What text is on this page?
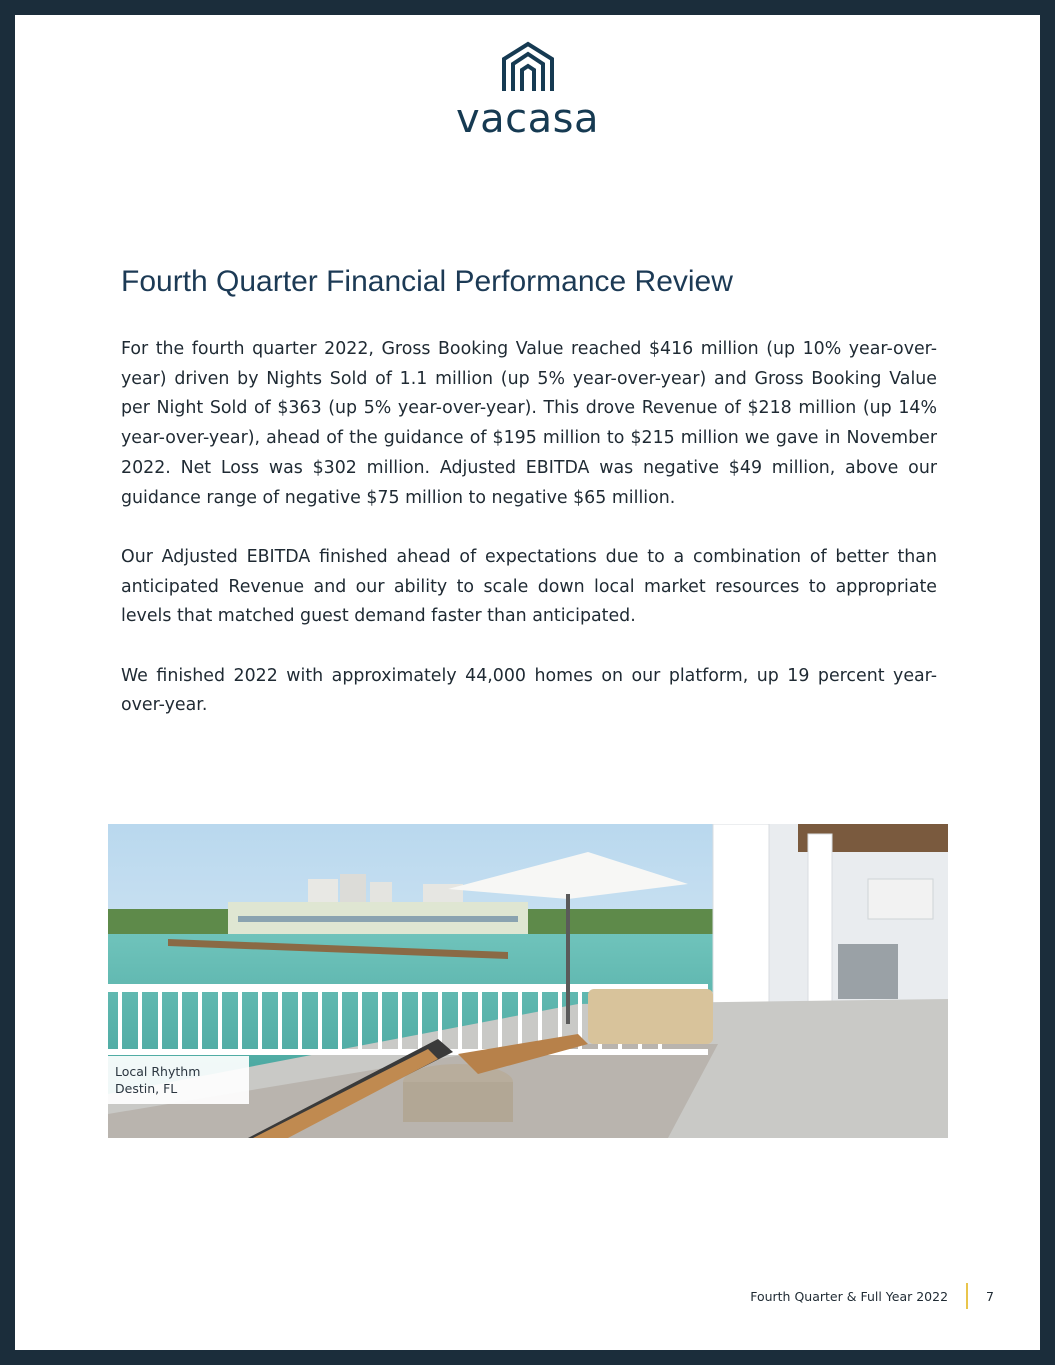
vacasa
Fourth Quarter Financial Performance Review

For the fourth quarter 2022, Gross Booking Value reached $416 million (up 10% year-over-year) driven by Nights Sold of 1.1 million (up 5% year-over-year) and Gross Booking Value per Night Sold of $363 (up 5% year-over-year). This drove Revenue of $218 million (up 14% year-over-year), ahead of the guidance of $195 million to $215 million we gave in November 2022. Net Loss was $302 million. Adjusted EBITDA was negative $49 million, above our guidance range of negative $75 million to negative $65 million.

Our Adjusted EBITDA finished ahead of expectations due to a combination of better than anticipated Revenue and our ability to scale down local market resources to appropriate levels that matched guest demand faster than anticipated.

We finished 2022 with approximately 44,000 homes on our platform, up 19 percent year-over-year.

Local Rhythm
Destin, FL
Fourth Quarter & Full Year 2022	7
